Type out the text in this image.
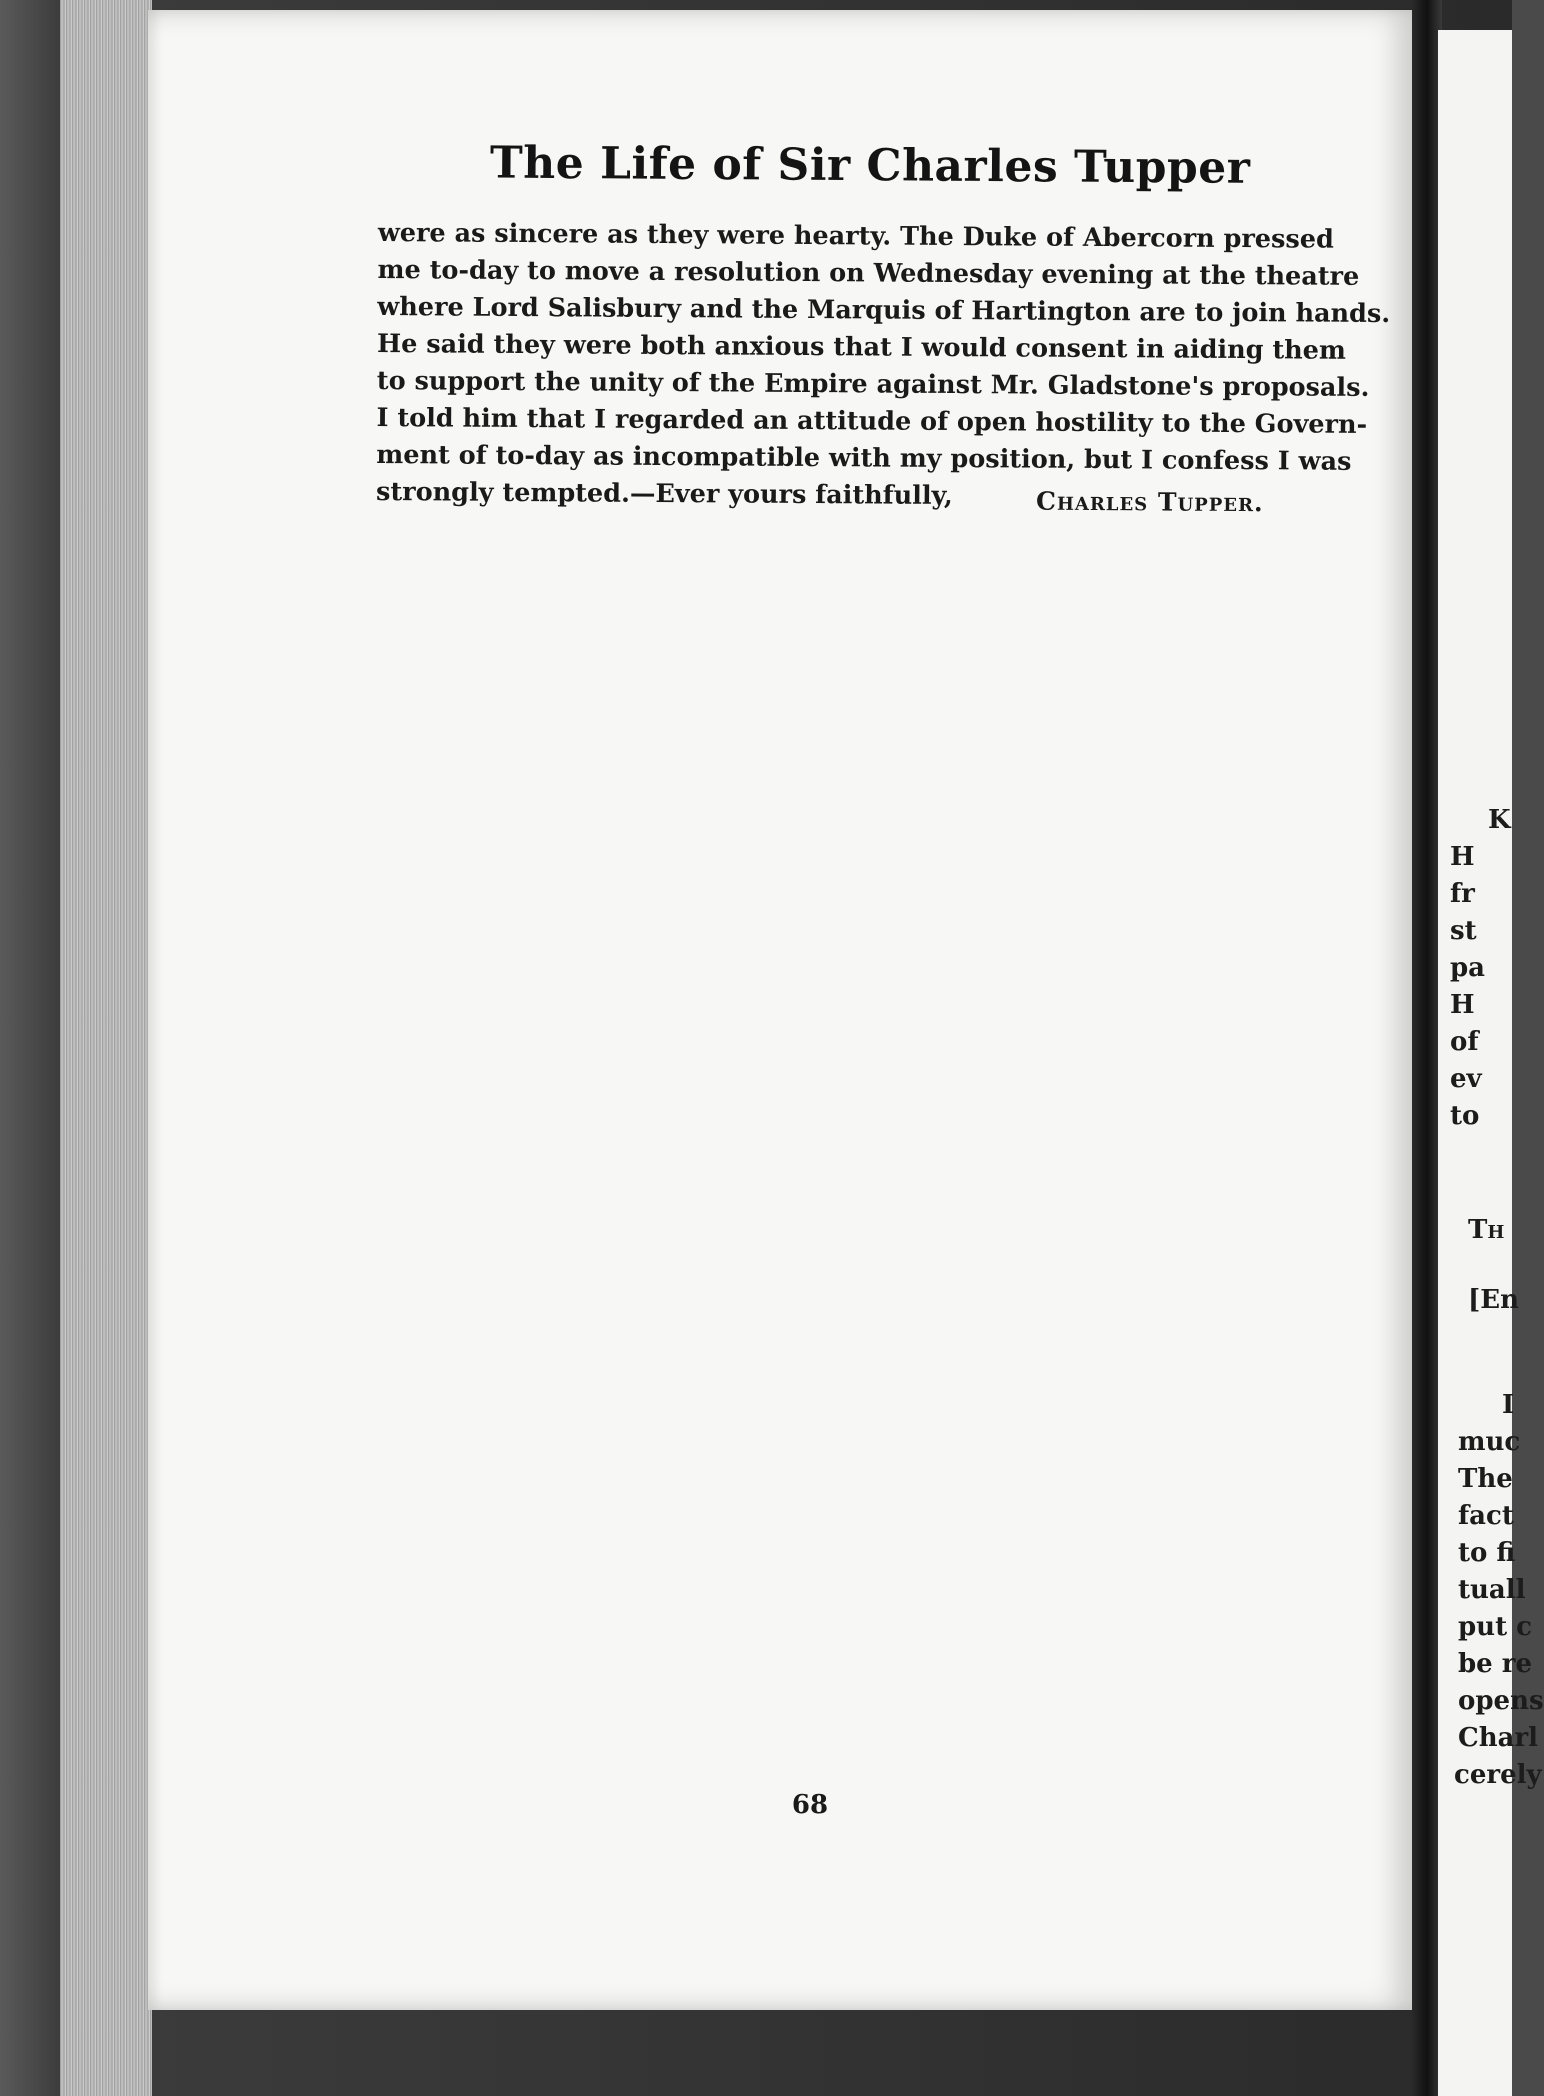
The Life of Sir Charles Tupper
were as sincere as they were hearty. The Duke of Abercorn pressed
me to-day to move a resolution on Wednesday evening at the theatre
where Lord Salisbury and the Marquis of Hartington are to join hands.
He said they were both anxious that I would consent in aiding them
to support the unity of the Empire against Mr. Gladstone's proposals.
I told him that I regarded an attitude of open hostility to the Govern-
ment of to-day as incompatible with my position, but I confess I was
strongly tempted.—Ever yours faithfully,	Charles Tupper.
68
K
H
fr
st
pa
H
of
ev
to
Th
[En
I
muc
The
fact
to fi
tuall
put c
be re
opens
Charl
cerely
